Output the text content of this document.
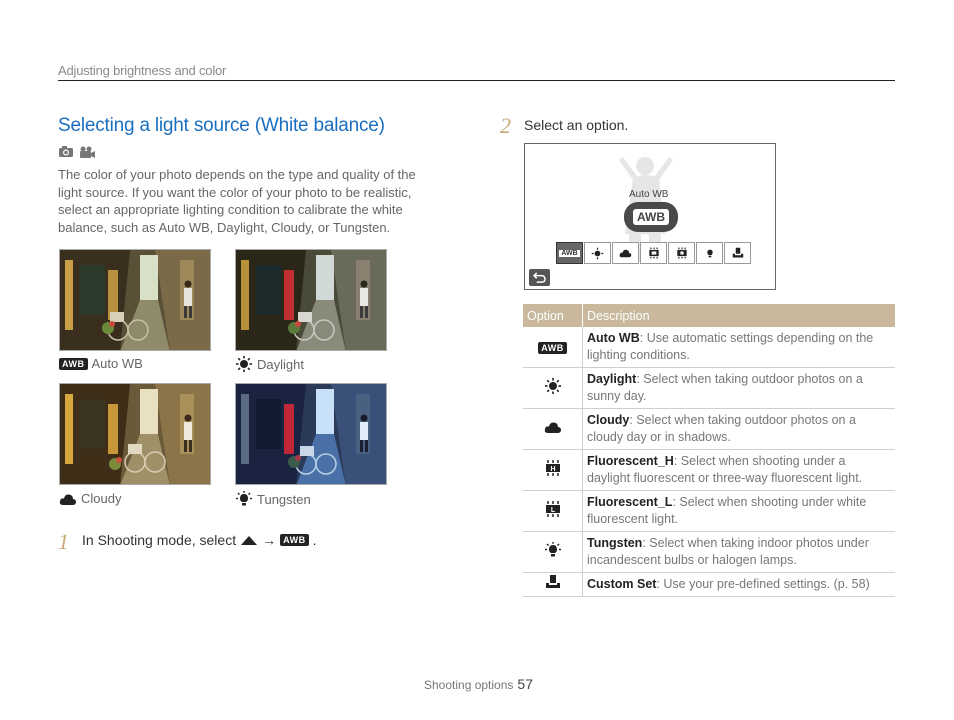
Adjusting brightness and color
Selecting a light source (White balance)
The color of your photo depends on the type and quality of the light source. If you want the color of your photo to be realistic, select an appropriate lighting condition to calibrate the white balance, such as Auto WB, Daylight, Cloudy, or Tungsten.
AWB Auto WB	Daylight
Cloudy	Tungsten
1 In Shooting mode, select → AWB .
2 Select an option.
Auto WB
AWB
AWB
Option	Description
AWB	Auto WB: Use automatic settings depending on the lighting conditions.
	Daylight: Select when taking outdoor photos on a sunny day.
	Cloudy: Select when taking outdoor photos on a cloudy day or in shadows.

H	Fluorescent_H: Select when shooting under a daylight fluorescent or three-way fluorescent light.

L	Fluorescent_L: Select when shooting under white fluorescent light.
	Tungsten: Select when taking indoor photos under incandescent bulbs or halogen lamps.
	Custom Set: Use your pre-defined settings. (p. 58)
Shooting options 57
